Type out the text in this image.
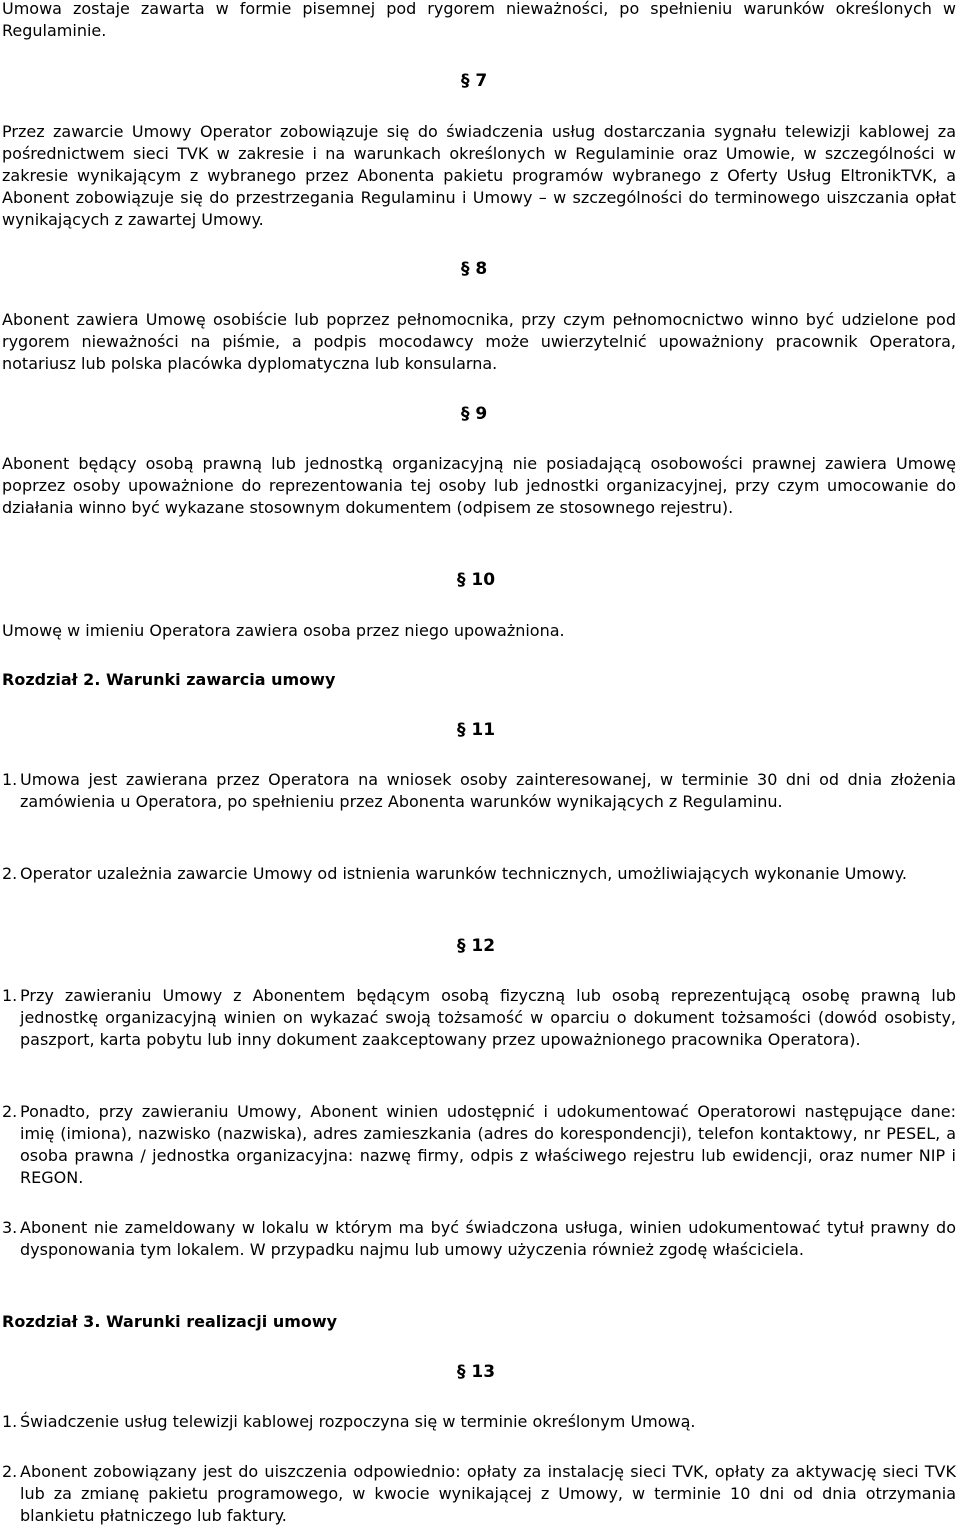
Umowa zostaje zawarta w formie pisemnej pod rygorem nieważności, po spełnieniu warunków określonych w Regulaminie.

§ 7

Przez zawarcie Umowy Operator zobowiązuje się do świadczenia usług dostarczania sygnału telewizji kablowej za pośrednictwem sieci TVK w zakresie i na warunkach określonych w Regulaminie oraz Umowie, w szczególności w zakresie wynikającym z wybranego przez Abonenta pakietu programów wybranego z Oferty Usług EltronikTVK, a Abonent zobowiązuje się do przestrzegania Regulaminu i Umowy – w szczególności do terminowego uiszczania opłat wynikających z zawartej Umowy.

§ 8

Abonent zawiera Umowę osobiście lub poprzez pełnomocnika, przy czym pełnomocnictwo winno być udzielone pod rygorem nieważności na piśmie, a podpis mocodawcy może uwierzytelnić upoważniony pracownik Operatora, notariusz lub polska placówka dyplomatyczna lub konsularna.

§ 9

Abonent będący osobą prawną lub jednostką organizacyjną nie posiadającą osobowości prawnej zawiera Umowę poprzez osoby upoważnione do reprezentowania tej osoby lub jednostki organizacyjnej, przy czym umocowanie do działania winno być wykazane stosownym dokumentem (odpisem ze stosownego rejestru).

§ 10

Umowę w imieniu Operatora zawiera osoba przez niego upoważniona.

Rozdział 2. Warunki zawarcia umowy
§ 11
1. Umowa jest zawierana przez Operatora na wniosek osoby zainteresowanej, w terminie 30 dni od dnia złożenia zamówienia u Operatora, po spełnieniu przez Abonenta warunków wynikających z Regulaminu.
2. Operator uzależnia zawarcie Umowy od istnienia warunków technicznych, umożliwiających wykonanie Umowy.
§ 12
1. Przy zawieraniu Umowy z Abonentem będącym osobą fizyczną lub osobą reprezentującą osobę prawną lub jednostkę organizacyjną winien on wykazać swoją tożsamość w oparciu o dokument tożsamości (dowód osobisty, paszport, karta pobytu lub inny dokument zaakceptowany przez upoważnionego pracownika Operatora).
2. Ponadto, przy zawieraniu Umowy, Abonent winien udostępnić i udokumentować Operatorowi następujące dane: imię (imiona), nazwisko (nazwiska), adres zamieszkania (adres do korespondencji), telefon kontaktowy, nr PESEL, a osoba prawna / jednostka organizacyjna: nazwę firmy, odpis z właściwego rejestru lub ewidencji, oraz numer NIP i REGON.
3. Abonent nie zameldowany w lokalu w którym ma być świadczona usługa, winien udokumentować tytuł prawny do dysponowania tym lokalem. W przypadku najmu lub umowy użyczenia również zgodę właściciela.
Rozdział 3. Warunki realizacji umowy
§ 13
1. Świadczenie usług telewizji kablowej rozpoczyna się w terminie określonym Umową.
2. Abonent zobowiązany jest do uiszczenia odpowiednio: opłaty za instalację sieci TVK, opłaty za aktywację sieci TVK lub za zmianę pakietu programowego, w kwocie wynikającej z Umowy, w terminie 10 dni od dnia otrzymania blankietu płatniczego lub faktury.
